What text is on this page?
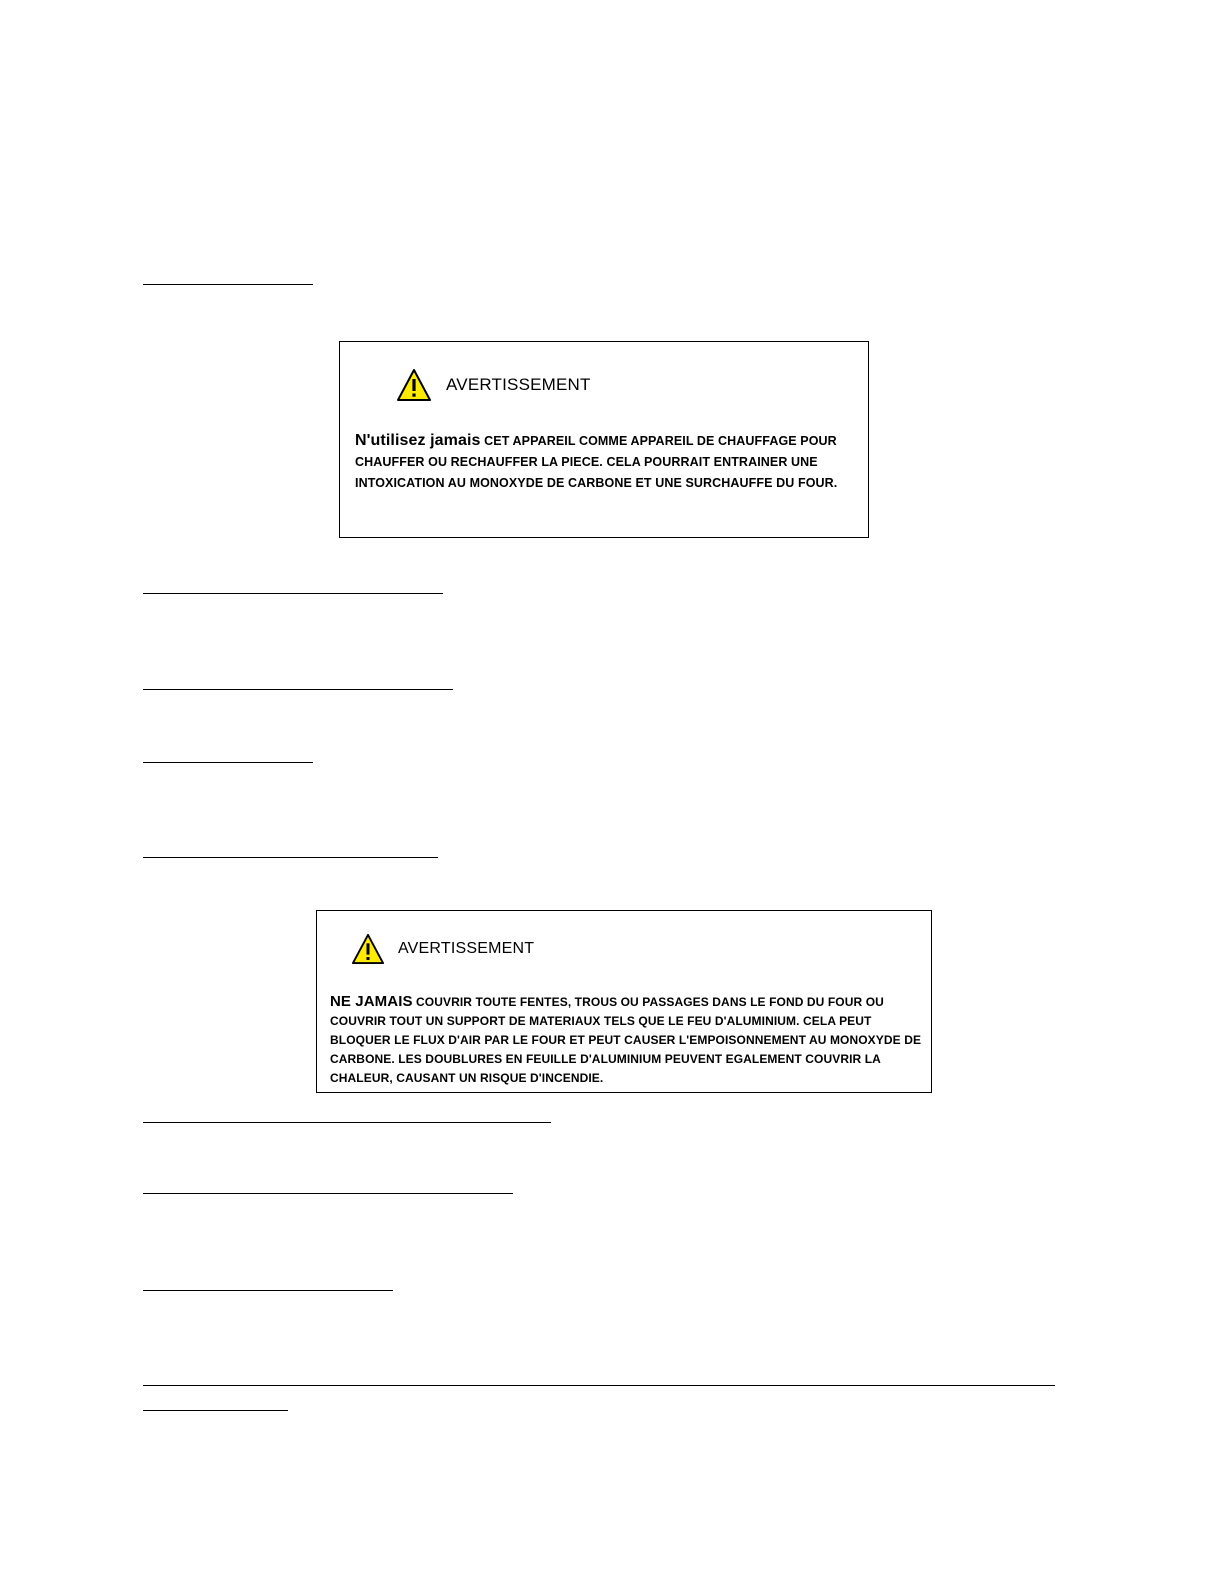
AVERTISSEMENT

N'utilisez jamais CET APPAREIL COMME APPAREIL DE CHAUFFAGE POUR CHAUFFER OU RECHAUFFER LA PIECE. CELA POURRAIT ENTRAINER UNE INTOXICATION AU MONOXYDE DE CARBONE ET UNE SURCHAUFFE DU FOUR.

AVERTISSEMENT

NE JAMAIS COUVRIR TOUTE FENTES, TROUS OU PASSAGES DANS LE FOND DU FOUR OU COUVRIR TOUT UN SUPPORT DE MATERIAUX TELS QUE LE FEU D'ALUMINIUM. CELA PEUT BLOQUER LE FLUX D'AIR PAR LE FOUR ET PEUT CAUSER L'EMPOISONNEMENT AU MONOXYDE DE CARBONE. LES DOUBLURES EN FEUILLE D'ALUMINIUM PEUVENT EGALEMENT COUVRIR LA CHALEUR, CAUSANT UN RISQUE D'INCENDIE.
